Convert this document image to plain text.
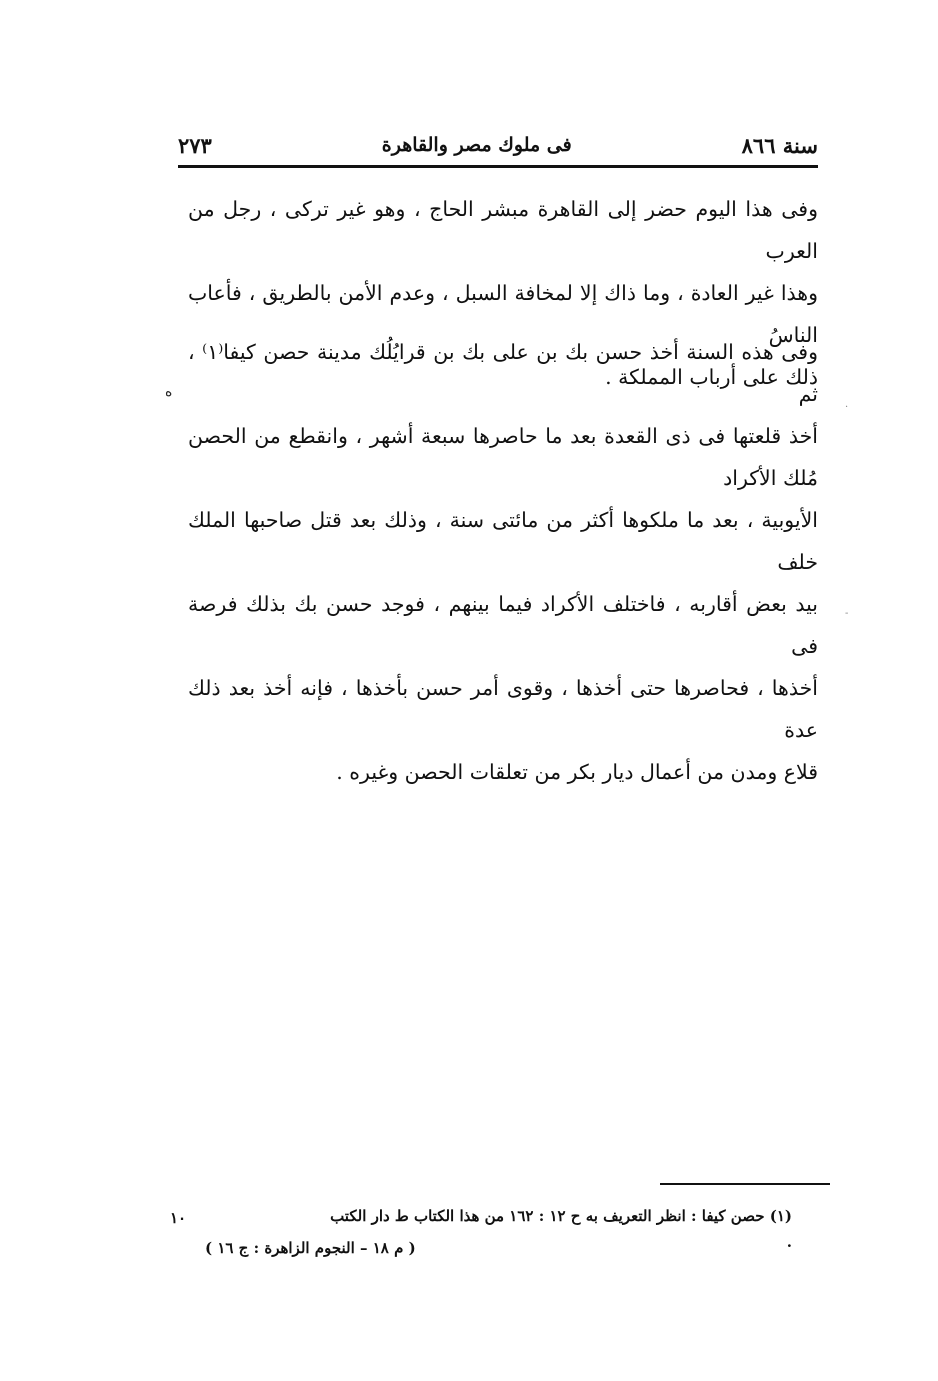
سنة ٨٦٦
فى ملوك مصر والقاهرة
٢٧٣

وفى هذا اليوم حضر إلى القاهرة مبشر الحاج ، وهو غير تركى ، رجل من العرب

وهذا غير العادة ، وما ذاك إلا لمخافة السبل ، وعدم الأمن بالطريق ، فأعاب الناسُ

ذلك على أرباب المملكة .

وفى هذه السنة أخذ حسن بك بن على بك بن قرايُلُك مدينة حصن كيفا⁽١⁾ ، ثم

أخذ قلعتها فى ذى القعدة بعد ما حاصرها سبعة أشهر ، وانقطع من الحصن مُلك الأكراد

الأيوبية ، بعد ما ملكوها أكثر من مائتى سنة ، وذلك بعد قتل صاحبها الملك خلف

بيد بعض أقاربه ، فاختلف الأكراد فيما بينهم ، فوجد حسن بك بذلك فرصة فى

أخذها ، فحاصرها حتى أخذها ، وقوى أمر حسن بأخذها ، فإنه أخذ بعد ذلك عدة

قلاع ومدن من أعمال ديار بكر من تعلقات الحصن وغيره .

ه
·
-
(١) حصن كيفا : انظر التعريف به ح ١٢ : ١٦٢ من هذا الكتاب ط دار الكتب .
١٠
( م ١٨ – النجوم الزاهرة : ج ١٦ )
